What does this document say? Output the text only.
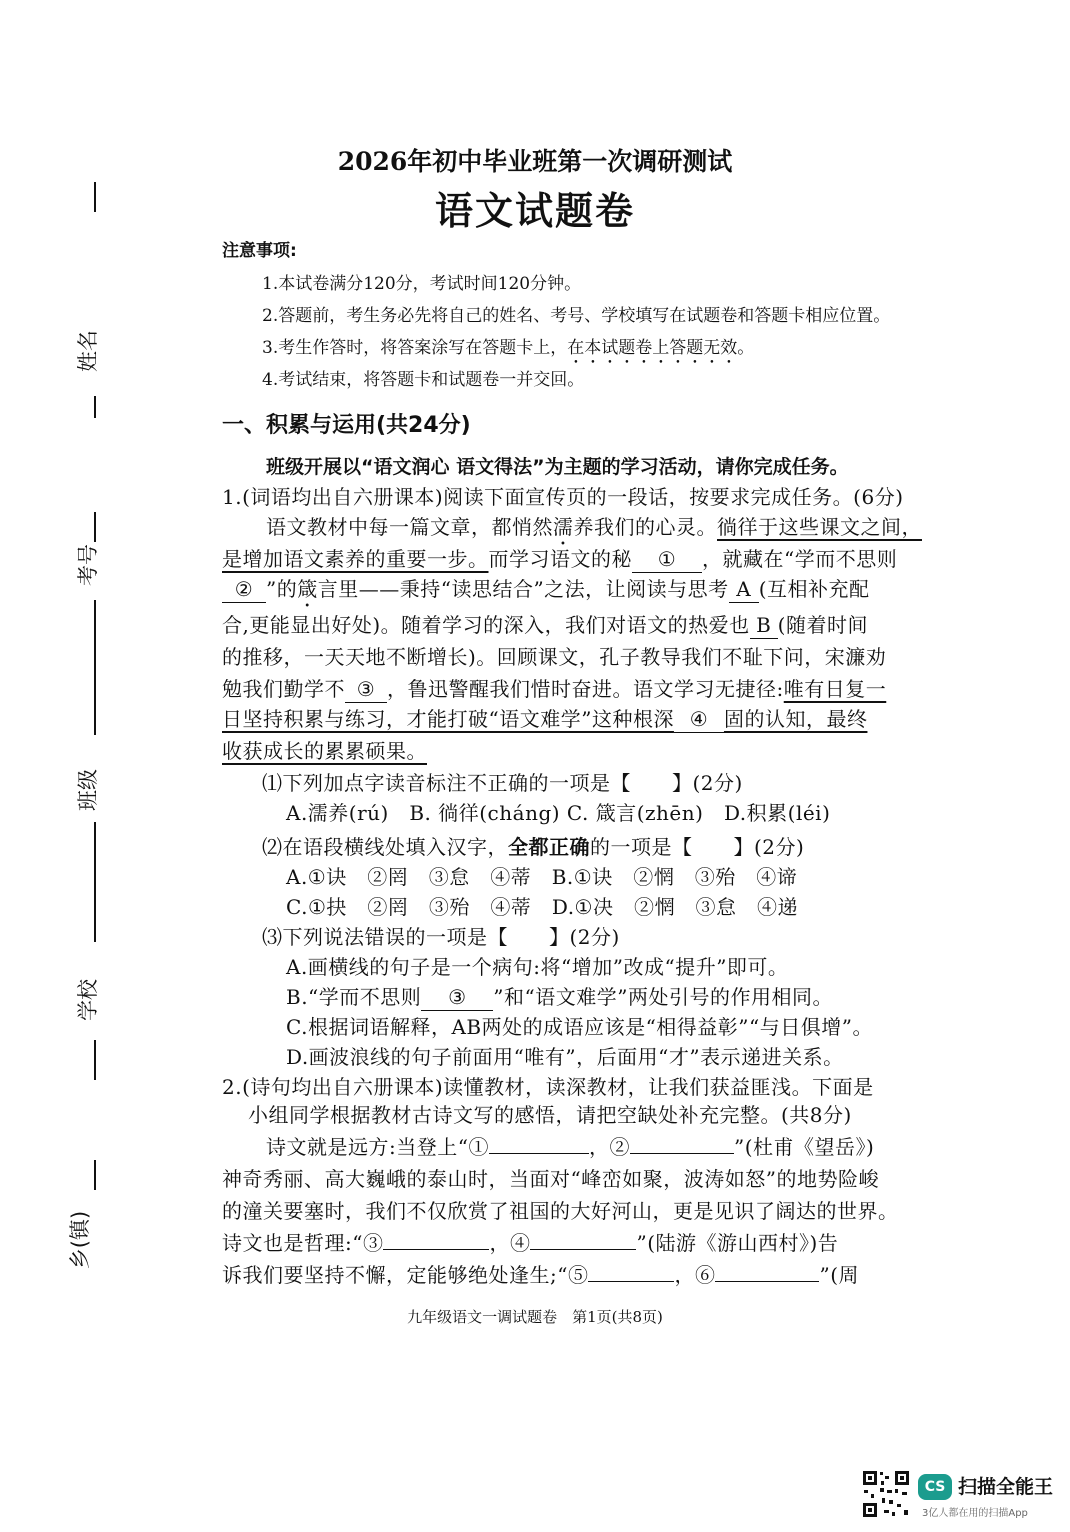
姓名
考号
班级
学校
乡(镇)
2026年初中毕业班第一次调研测试
语文试题卷
注意事项:
1.本试卷满分120分，考试时间120分钟。
2.答题前，考生务必先将自己的姓名、考号、学校填写在试题卷和答题卡相应位置。
3.考生作答时，将答案涂写在答题卡上，在本试题卷上答题无效。
4.考试结束，将答题卡和试题卷一并交回。
一、积累与运用(共24分)
班级开展以“语文润心 语文得法”为主题的学习活动，请你完成任务。
1.(词语均出自六册课本)阅读下面宣传页的一段话，按要求完成任务。(6分)
语文教材中每一篇文章，都悄然濡养我们的心灵。徜徉于这些课文之间，
是增加语文素养的重要一步。而学习语文的秘 ① ，就藏在“学而不思则
② ”的箴言里——秉持“读思结合”之法，让阅读与思考 A (互相补充配
合,更能显出好处)。随着学习的深入，我们对语文的热爱也 B (随着时间
的推移，一天天地不断增长)。回顾课文，孔子教导我们不耻下问，宋濂劝
勉我们勤学不 ③ ，鲁迅警醒我们惜时奋进。语文学习无捷径:唯有日复一
日坚持积累与练习，才能打破“语文难学”这种根深 ④ 固的认知，最终
收获成长的累累硕果。
⑴下列加点字读音标注不正确的一项是【　　】(2分)
A.濡养(rú)　B. 徜徉(cháng) C. 箴言(zhēn)　D.积累(léi)
⑵在语段横线处填入汉字，全都正确的一项是【　　】(2分)
A.①诀　②罔　③怠　④蒂　B.①诀　②惘　③殆　④谛
C.①抉　②罔　③殆　④蒂　D.①决　②惘　③怠　④递
⑶下列说法错误的一项是【　　】(2分)
A.画横线的句子是一个病句:将“增加”改成“提升”即可。
B.“学而不思则 ③ ”和“语文难学”两处引号的作用相同。
C.根据词语解释，AB两处的成语应该是“相得益彰”“与日俱增”。
D.画波浪线的句子前面用“唯有”，后面用“才”表示递进关系。
2.(诗句均出自六册课本)读懂教材，读深教材，让我们获益匪浅。下面是
小组同学根据教材古诗文写的感悟，请把空缺处补充完整。(共8分)
诗文就是远方:当登上“①	，②	”(杜甫《望岳》)
神奇秀丽、高大巍峨的泰山时，当面对“峰峦如聚，波涛如怒”的地势险峻
的潼关要塞时，我们不仅欣赏了祖国的大好河山，更是见识了阔达的世界。
诗文也是哲理:“③	，④	”(陆游《游山西村》)告
诉我们要坚持不懈，定能够绝处逢生;“⑤	，⑥	”(周
九年级语文一调试题卷　第1页(共8页)
CS 扫描全能王
3亿人都在用的扫描App
